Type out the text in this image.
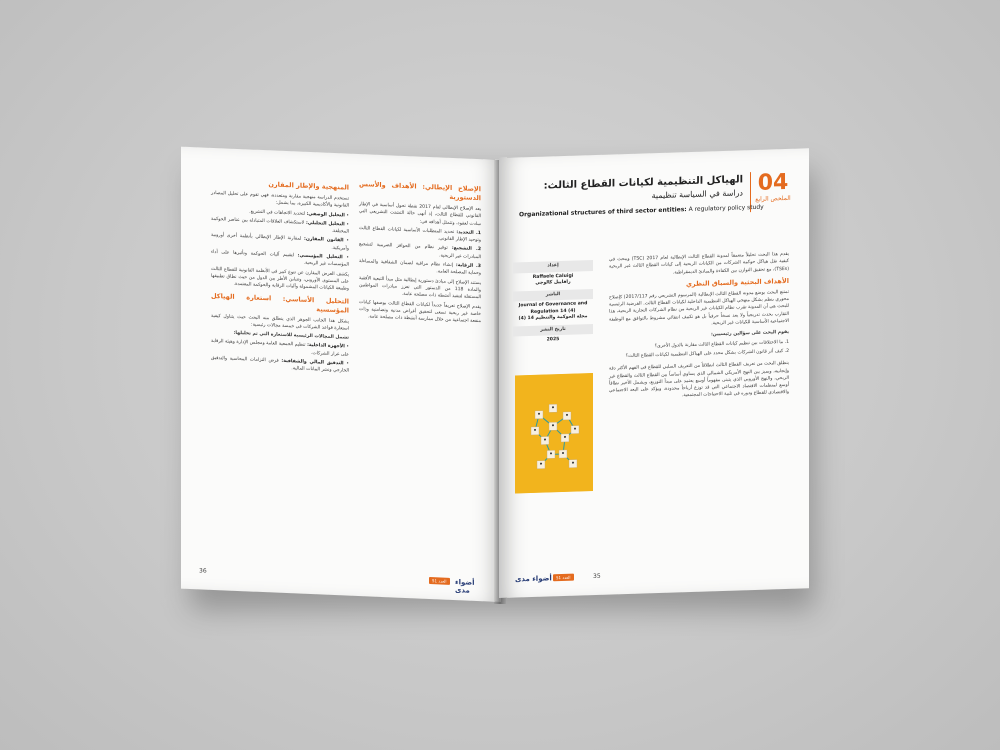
الإصلاح الإيطالي: الأهداف والأسس الدستورية
يعد الإصلاح الإيطالي لعام 2017 نقطة تحول أساسية في الإطار القانوني للقطاع الثالث، إذ أنهى حالة التشتت التشريعي التي سادت لعقود، وتتمثل أهدافه في:
1. التحديد: تحديد المتطلبات الأساسية لكيانات القطاع الثالث وتوحيد الإطار القانوني.
2. التشجيع: توفير نظام من الحوافز الضريبية لتشجيع المبادرات غير الربحية.
3. الرقابة: إنشاء نظام مراقبة لضمان الشفافية والمساءلة وحماية المصلحة العامة.
يستند الإصلاح إلى مبادئ دستورية إيطالية مثل مبدأ التبعية الأفقية والمادة 118 من الدستور التي تعزز مبادرات المواطنين المستقلة لتنفيذ أنشطة ذات مصلحة عامة.
يقدم الإصلاح تعريفاً جديداً لكيانات القطاع الثالث بوصفها كيانات خاصة غير ربحية تسعى لتحقيق أغراض مدنية وتضامنية وذات منفعة اجتماعية من خلال ممارسة أنشطة ذات مصلحة عامة.
المنهجية والإطار المقارن
تستخدم الدراسة منهجية مقارنة ومتعددة، فهي تقوم على تحليل المصادر القانونية والأكاديمية الكبيرة، بما يشمل:
• التحليل الوصفي: لتحديد الاتجاهات في التشريع.
• التحليل التحليلي: لاستكشاف العلاقات المتبادلة بين عناصر الحوكمة المختلفة.
• القانون المقارن: لمقارنة الإطار الإيطالي بأنظمة أخرى أوروبية وأمريكية.
• التحليل المؤسسي: لتقييم آليات الحوكمة وتأثيرها على أداء المؤسسات غير الربحية.
يكشف العرض المقارن عن تنوع كبير في الأنظمة القانونية للقطاع الثالث على المستوى الأوروبي، وتتباين الأطر بين الدول من حيث نطاق تطبيقها وطبيعة الكيانات المشمولة وآليات الرقابة والحوكمة المعتمدة.
التحليل الأساسي: استعارة الهياكل المؤسسية
يشكل هذا الجانب الجوهر الذي ينطلق منه البحث حيث يتناول كيفية استعارة قواعد الشركات في خمسة مجالات رئيسية:
تشمل المجالات الرئيسية للاستعارة التي تم تحليلها:
• الأجهزة الداخلية: تنظيم الجمعية العامة ومجلس الإدارة وهيئة الرقابة على غرار الشركات.
• التدقيق المالي والشفافية: فرض التزامات المحاسبة والتدقيق الخارجي ونشر البيانات المالية.
36
العدد 51	أضواء مدى
04
الملخص الرابع
الهياكل التنظيمية لكيانات القطاع الثالث:
دراسة في السياسة تنظيمية
Organizational structures of third sector entities: A regulatory policy study
إعداد
Raffaele Caluigi
رافاييل كالوجي
الناشر
Journal of Governance and Regulation 14 (4)
مجلة الحوكمة والتنظيم 14 (4)
تاريخ النشر
2025
يقدم هذا البحث تحليلاً متعمقاً لمدونة القطاع الثالث الإيطالية لعام 2017 (TSC) ويبحث في كيفية نقل هياكل حوكمة الشركات من الكيانات الربحية إلى كيانات القطاع الثالث غير الربحية (TSEs)، مع تحقيق التوازن بين الكفاءة والمبادئ الديمقراطية.
الأهداف البحثية والسياق النظري
تمتنع البحث بوضع مدونة القطاع الثالث الإيطالية (المرسوم التشريعي رقم 2017/117) كإصلاح محوري ينظم بشكل منهجي الهياكل التنظيمية الداخلية لكيانات القطاع الثالث. الفرضية الرئيسية للبحث هي أن المدونة تقرب نظام الكيانات غير الربحية من نظام الشركات التجارية الربحية، هذا التقارب يحدث تدريجياً ولا يعد نسخاً حرفياً بل هو تكييف انتقائي مشروط بالتوافق مع الوظيفة الاجتماعية الأساسية للكيانات غير الربحية.
يقوم البحث على سؤالين رئيسيين:
1. ما الاختلافات بين تنظيم كيانات القطاع الثالث مقارنة بالدول الأخرى؟
2. كيف أثر قانون الشركات بشكل محدد على الهياكل التنظيمية لكيانات القطاع الثالث؟
ينطلق البحث من تعريف القطاع الثالث انطلاقاً من التعريف السلبي للقطاع في الفهم الأكثر دقة وإيجابية، ويميز بين النهج الأمريكي الشمالي الذي يساوي أساساً بين القطاع الثالث والقطاع غير الربحي، والنهج الأوروبي الذي يتبنى مفهوماً أوسع يعتمد على مبدأ التوزيع، ويشمل الأخير نطاقاً أوسع لمنظمات الاقتصاد الاجتماعي التي قد توزع أرباحاً محدودة، ويؤكد على البعد الاجتماعي والاقتصادي للقطاع ودوره في تلبية الاحتياجات المجتمعية.
أضواء مدى	العدد 51	35
